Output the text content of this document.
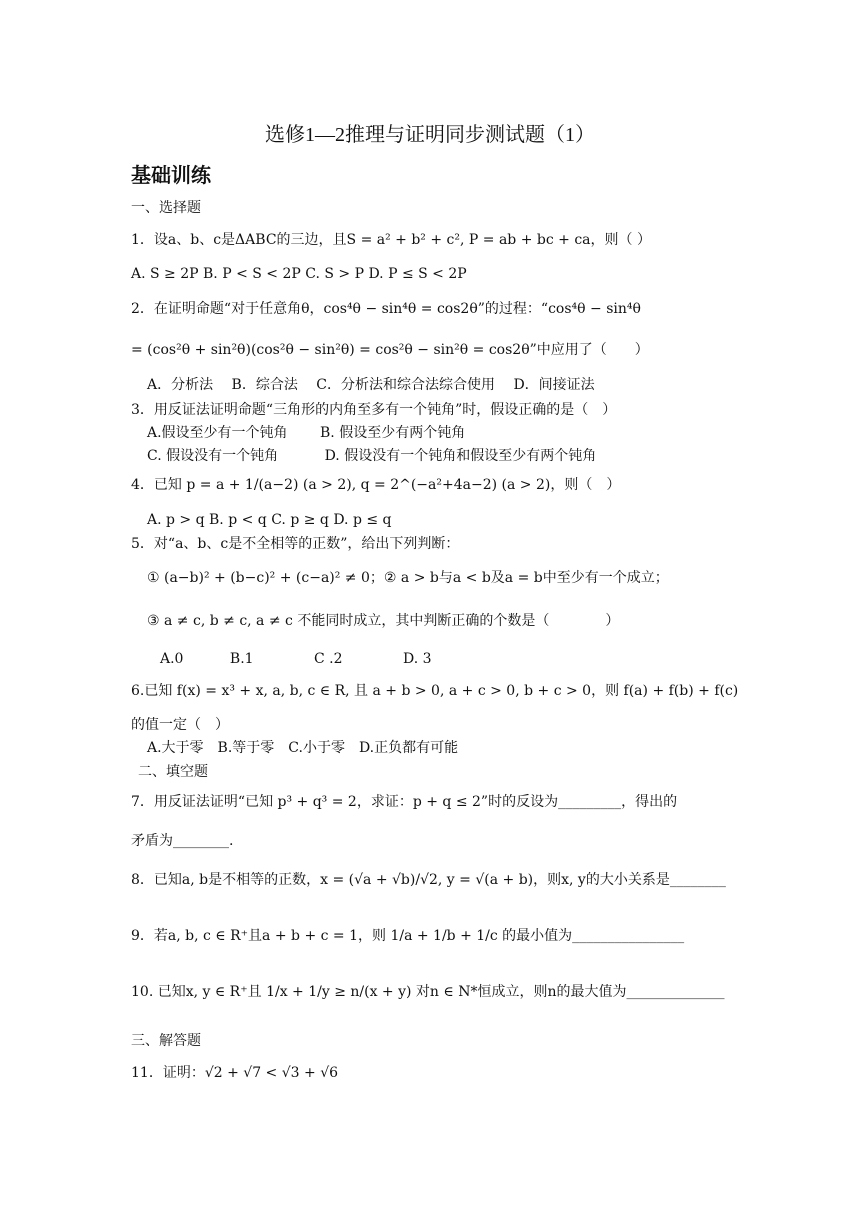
选修1—2推理与证明同步测试题（1）
基础训练
一、选择题
1．设a、b、c是ΔABC的三边，且S = a² + b² + c², P = ab + bc + ca，则（ ）
A. S ≥ 2P B. P < S < 2P C. S > P D. P ≤ S < 2P
2．在证明命题“对于任意角θ，cos⁴θ − sin⁴θ = cos2θ”的过程：“cos⁴θ − sin⁴θ
= (cos²θ + sin²θ)(cos²θ − sin²θ) = cos²θ − sin²θ = cos2θ”中应用了（　　）
A．分析法　 B．综合法　 C．分析法和综合法综合使用　 D．间接证法
3．用反证法证明命题“三角形的内角至多有一个钝角”时，假设正确的是（　）
A.假设至少有一个钝角　　 B. 假设至少有两个钝角
C. 假设没有一个钝角　　　 D. 假设没有一个钝角和假设至少有两个钝角
4．已知 p = a + 1/(a−2) (a > 2), q = 2^(−a²+4a−2) (a > 2)，则（　）
A. p > q B. p < q C. p ≥ q D. p ≤ q
5．对“a、b、c是不全相等的正数”，给出下列判断：
① (a−b)² + (b−c)² + (c−a)² ≠ 0；② a > b与a < b及a = b中至少有一个成立；
③ a ≠ c, b ≠ c, a ≠ c 不能同时成立，其中判断正确的个数是（　　　　）
A.0　　　 B.1　　　　 C .2　　　　 D. 3
6.已知 f(x) = x³ + x, a, b, c ∈ R, 且 a + b > 0, a + c > 0, b + c > 0，则 f(a) + f(b) + f(c)
的值一定（　）
A.大于零　B.等于零　C.小于零　D.正负都有可能
二、填空题
7．用反证法证明“已知 p³ + q³ = 2，求证：p + q ≤ 2”时的反设为_________，得出的
矛盾为________.
8．已知a, b是不相等的正数，x = (√a + √b)/√2, y = √(a + b)，则x, y的大小关系是________
9．若a, b, c ∈ R⁺且a + b + c = 1，则 1/a + 1/b + 1/c 的最小值为________________
10. 已知x, y ∈ R⁺且 1/x + 1/y ≥ n/(x + y) 对n ∈ N*恒成立，则n的最大值为______________
三、解答题
11．证明：√2 + √7 < √3 + √6
